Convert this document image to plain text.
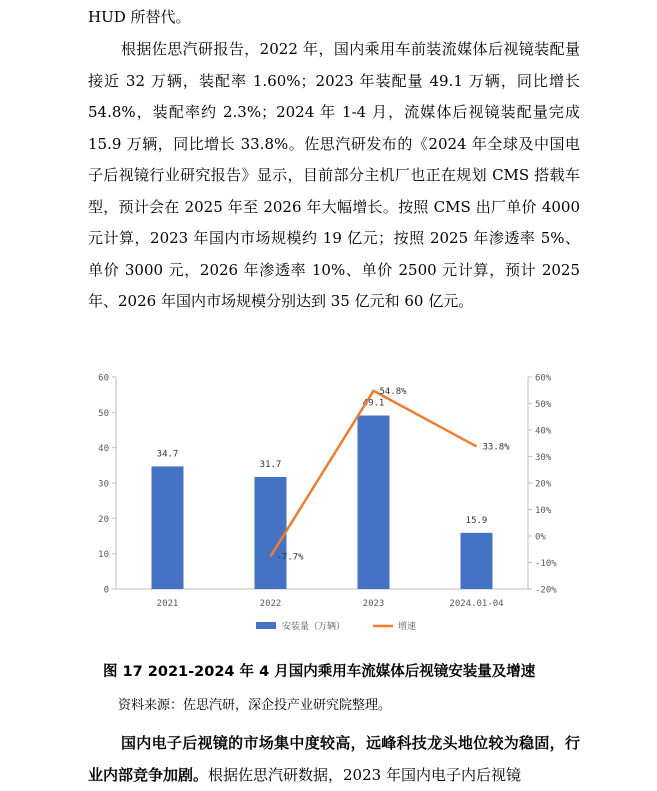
HUD 所替代。
根据佐思汽研报告，2022 年，国内乘用车前装流媒体后视镜装配量接近 32 万辆，装配率 1.60%；2023 年装配量 49.1 万辆，同比增长 54.8%，装配率约 2.3%；2024 年 1-4 月，流媒体后视镜装配量完成 15.9 万辆，同比增长 33.8%。佐思汽研发布的《2024 年全球及中国电子后视镜行业研究报告》显示，目前部分主机厂也正在规划 CMS 搭载车型，预计会在 2025 年至 2026 年大幅增长。按照 CMS 出厂单价 4000 元计算，2023 年国内市场规模约 19 亿元；按照 2025 年渗透率 5%、单价 3000 元，2026 年渗透率 10%、单价 2500 元计算，预计 2025 年、2026 年国内市场规模分别达到 35 亿元和 60 亿元。
0
10
20
30
40
50
60
-20%
-10%
0%
10%
20%
30%
40%
50%
60%
34.7
31.7
49.1
15.9
2021	2022	2023	2024.01-04
-7.7%
54.8%
33.8%
安装量（万辆）	增速
图 17 2021-2024 年 4 月国内乘用车流媒体后视镜安装量及增速
资料来源：佐思汽研，深企投产业研究院整理。
国内电子后视镜的市场集中度较高，远峰科技龙头地位较为稳固，行业内部竞争加剧。根据佐思汽研数据，2023 年国内电子内后视镜
